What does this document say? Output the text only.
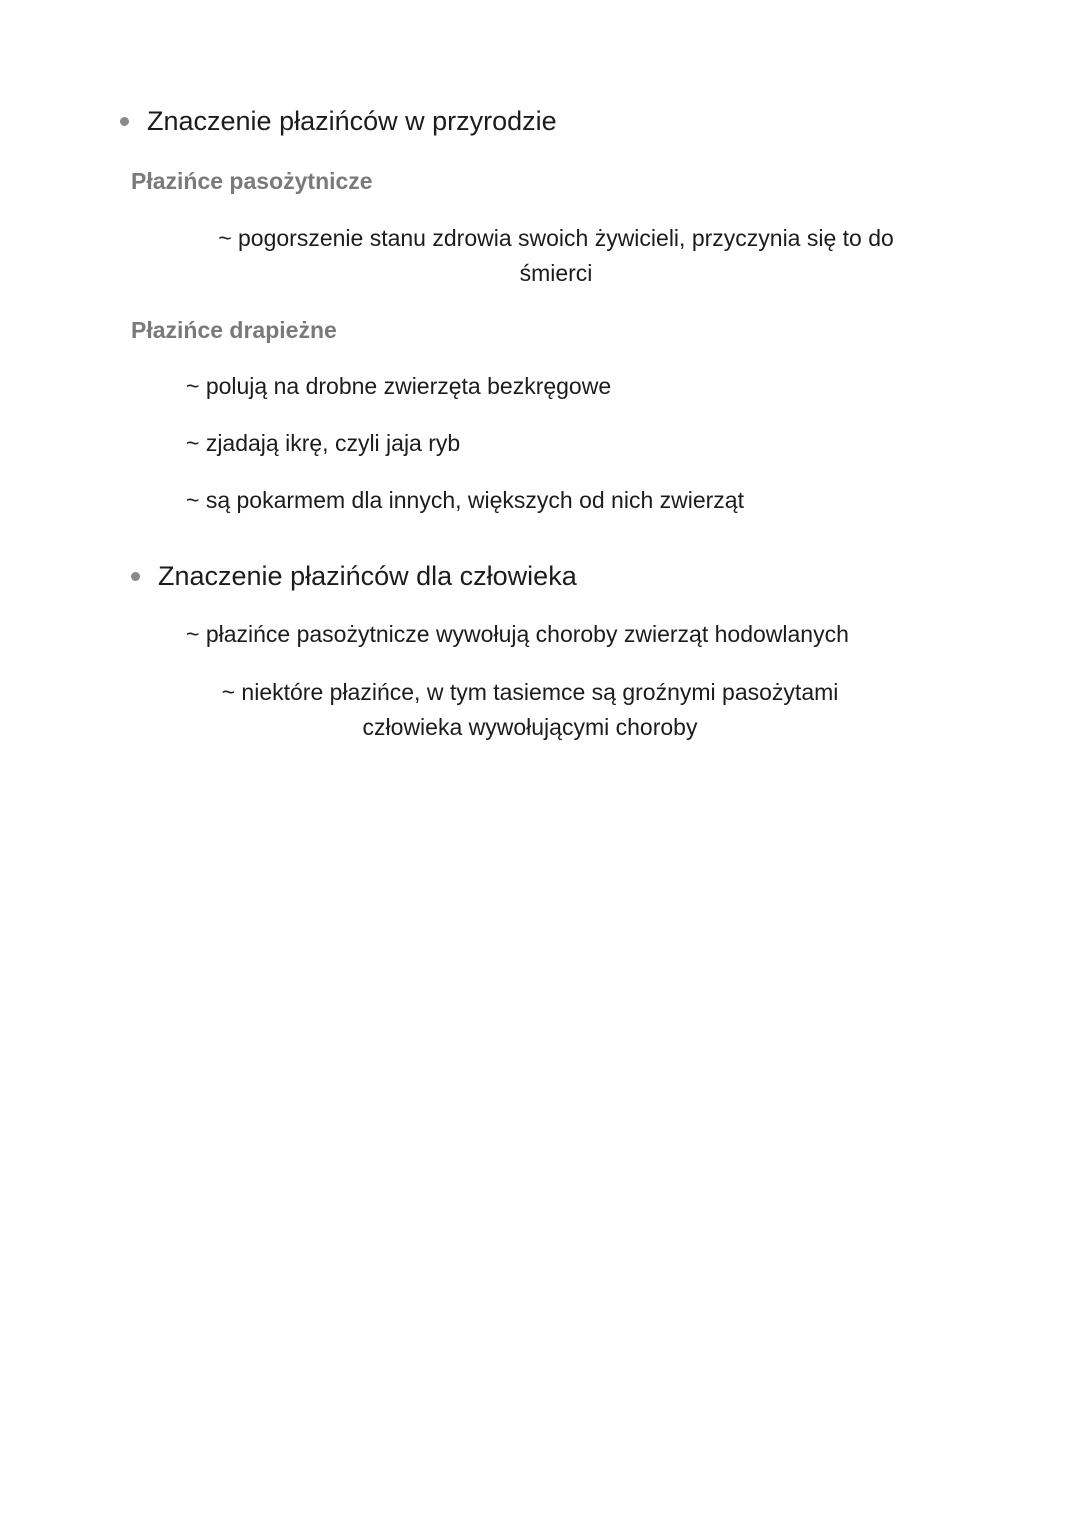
Znaczenie płazińców w przyrodzie
Płazińce pasożytnicze
~ pogorszenie stanu zdrowia swoich żywicieli, przyczynia się to do
śmierci
Płazińce drapieżne
~ polują na drobne zwierzęta bezkręgowe
~ zjadają ikrę, czyli jaja ryb
~ są pokarmem dla innych, większych od nich zwierząt
Znaczenie płazińców dla człowieka
~ płazińce pasożytnicze wywołują choroby zwierząt hodowlanych
~ niektóre płazińce, w tym tasiemce są groźnymi pasożytami
człowieka wywołującymi choroby
